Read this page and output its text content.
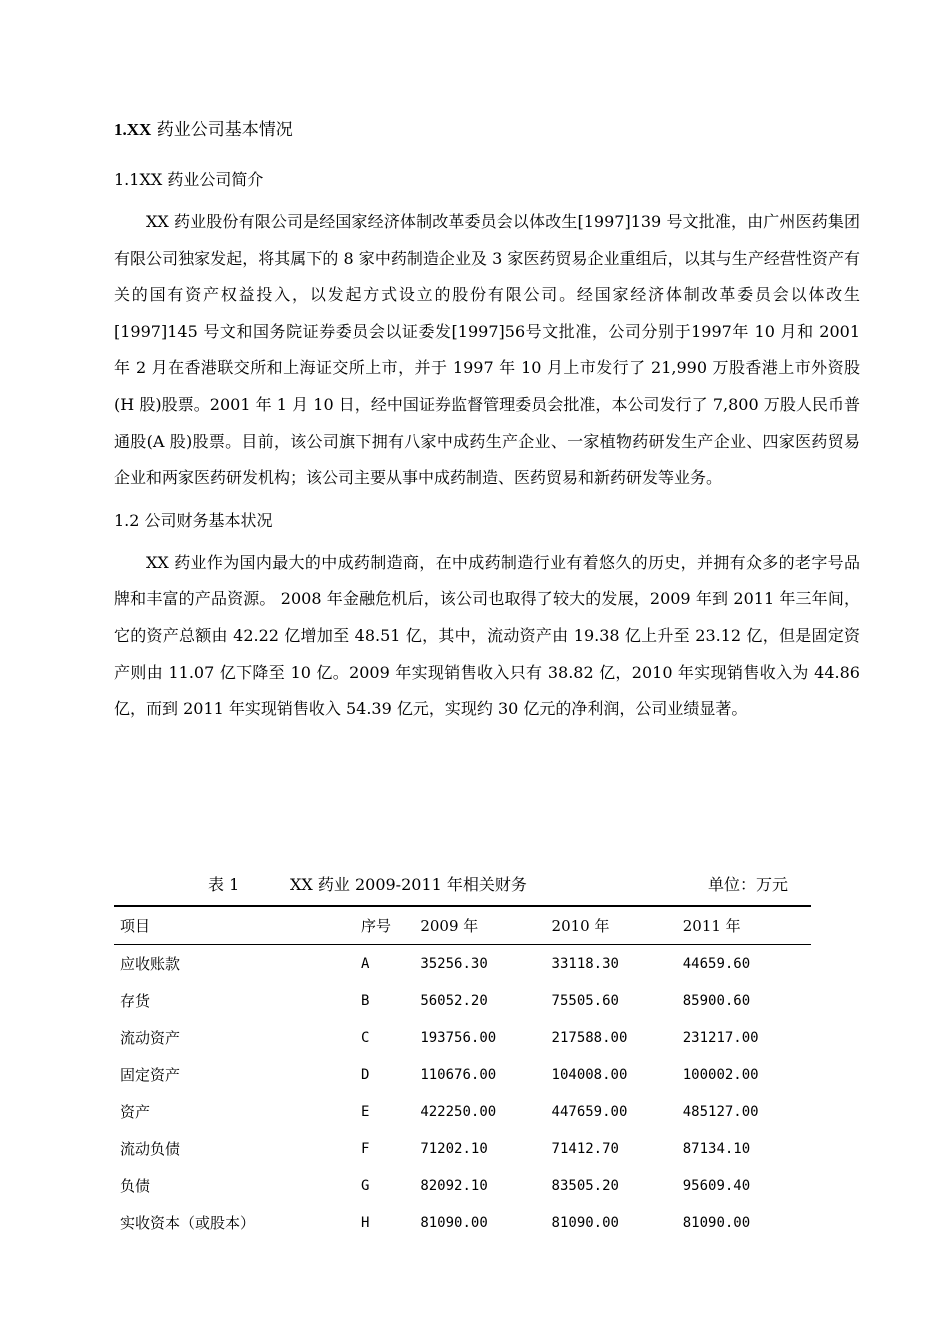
1.XX 药业公司基本情况
1.1XX 药业公司简介

XX 药业股份有限公司是经国家经济体制改革委员会以体改生[1997]139 号文批准，由广州医药集团有限公司独家发起，将其属下的 8 家中药制造企业及 3 家医药贸易企业重组后，以其与生产经营性资产有关的国有资产权益投入，以发起方式设立的股份有限公司。经国家经济体制改革委员会以体改生[1997]145 号文和国务院证券委员会以证委发[1997]56号文批准，公司分别于1997年 10 月和 2001 年 2 月在香港联交所和上海证交所上市，并于 1997 年 10 月上市发行了 21,990 万股香港上市外资股(H 股)股票。2001 年 1 月 10 日，经中国证券监督管理委员会批准，本公司发行了 7,800 万股人民币普通股(A 股)股票。目前，该公司旗下拥有八家中成药生产企业、一家植物药研发生产企业、四家医药贸易企业和两家医药研发机构；该公司主要从事中成药制造、医药贸易和新药研发等业务。

1.2 公司财务基本状况

XX 药业作为国内最大的中成药制造商，在中成药制造行业有着悠久的历史，并拥有众多的老字号品牌和丰富的产品资源。 2008 年金融危机后，该公司也取得了较大的发展，2009 年到 2011 年三年间，它的资产总额由 42.22 亿增加至 48.51 亿，其中，流动资产由 19.38 亿上升至 23.12 亿，但是固定资产则由 11.07 亿下降至 10 亿。2009 年实现销售收入只有 38.82 亿，2010 年实现销售收入为 44.86 亿，而到 2011 年实现销售收入 54.39 亿元，实现约 30 亿元的净利润，公司业绩显著。

表 1	XX 药业 2009-2011 年相关财务	单位：万元
项目	序号	2009 年	2010 年	2011 年
应收账款	A	35256.30	33118.30	44659.60
存货	B	56052.20	75505.60	85900.60
流动资产	C	193756.00	217588.00	231217.00
固定资产	D	110676.00	104008.00	100002.00
资产	E	422250.00	447659.00	485127.00
流动负债	F	71202.10	71412.70	87134.10
负债	G	82092.10	83505.20	95609.40
实收资本（或股本）	H	81090.00	81090.00	81090.00
